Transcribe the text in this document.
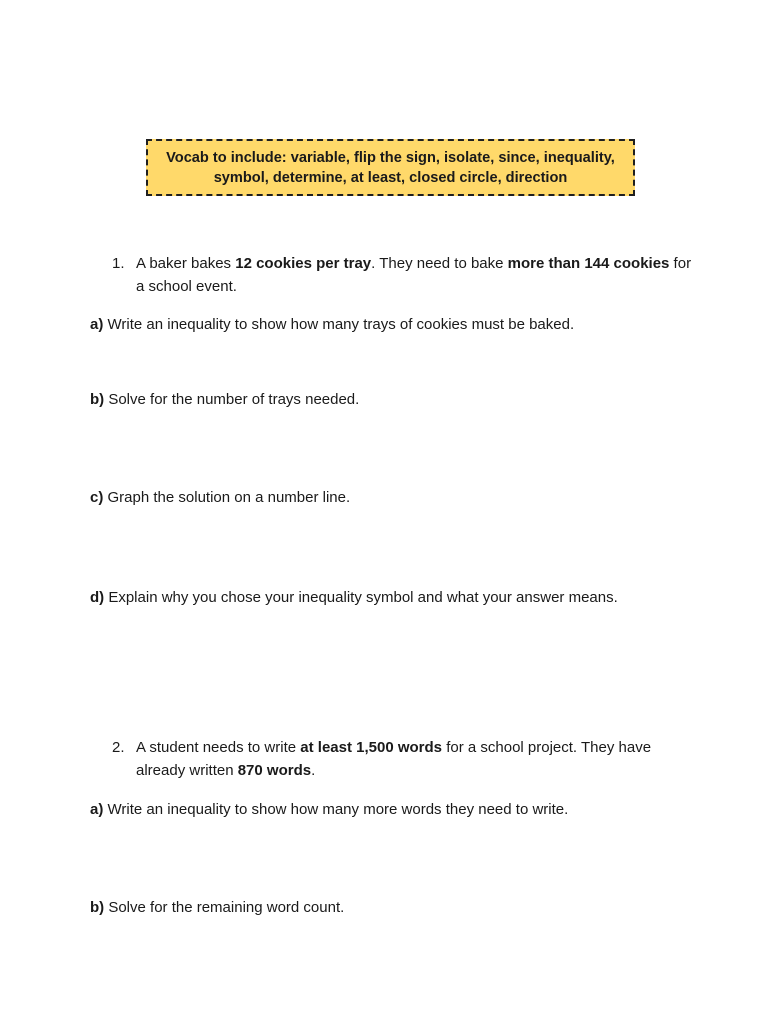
Vocab to include: variable, flip the sign, isolate, since, inequality, symbol, determine, at least, closed circle, direction
1. A baker bakes 12 cookies per tray. They need to bake more than 144 cookies for a school event.
a) Write an inequality to show how many trays of cookies must be baked.
b) Solve for the number of trays needed.
c) Graph the solution on a number line.
d) Explain why you chose your inequality symbol and what your answer means.
2. A student needs to write at least 1,500 words for a school project. They have already written 870 words.
a) Write an inequality to show how many more words they need to write.
b) Solve for the remaining word count.
